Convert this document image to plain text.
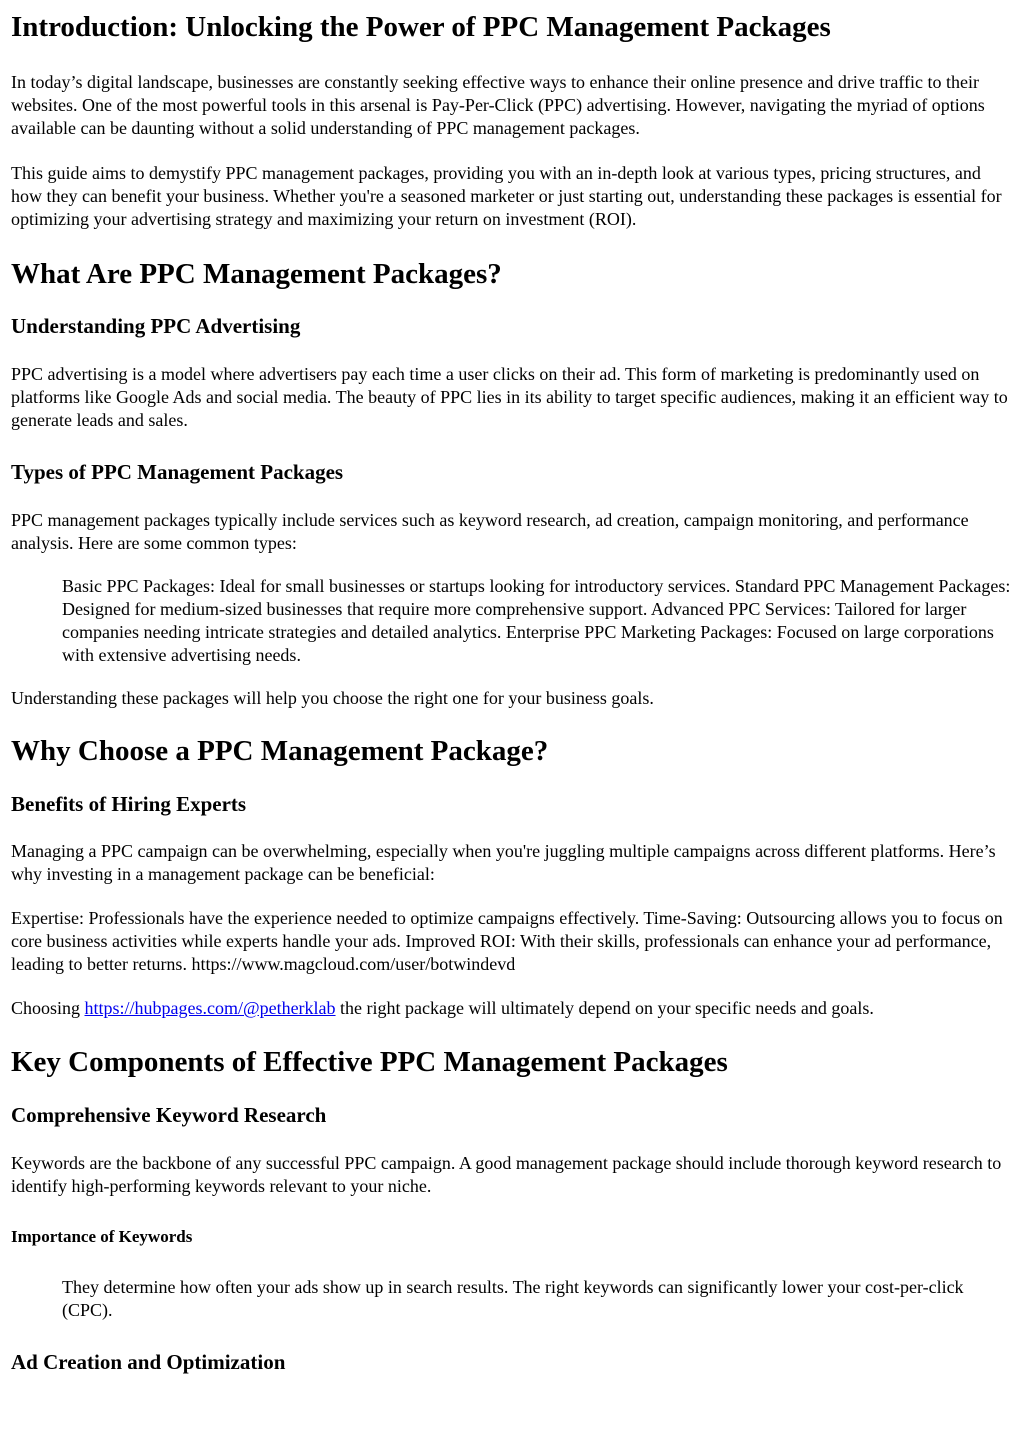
Introduction: Unlocking the Power of PPC Management Packages

In today’s digital landscape, businesses are constantly seeking effective ways to enhance their online presence and drive traffic to their websites. One of the most powerful tools in this arsenal is Pay-Per-Click (PPC) advertising. However, navigating the myriad of options available can be daunting without a solid understanding of PPC management packages.

This guide aims to demystify PPC management packages, providing you with an in-depth look at various types, pricing structures, and how they can benefit your business. Whether you're a seasoned marketer or just starting out, understanding these packages is essential for optimizing your advertising strategy and maximizing your return on investment (ROI).

What Are PPC Management Packages?
Understanding PPC Advertising

PPC advertising is a model where advertisers pay each time a user clicks on their ad. This form of marketing is predominantly used on platforms like Google Ads and social media. The beauty of PPC lies in its ability to target specific audiences, making it an efficient way to generate leads and sales.

Types of PPC Management Packages

PPC management packages typically include services such as keyword research, ad creation, campaign monitoring, and performance analysis. Here are some common types:

Basic PPC Packages: Ideal for small businesses or startups looking for introductory services. Standard PPC Management Packages: Designed for medium-sized businesses that require more comprehensive support. Advanced PPC Services: Tailored for larger companies needing intricate strategies and detailed analytics. Enterprise PPC Marketing Packages: Focused on large corporations with extensive advertising needs.

Understanding these packages will help you choose the right one for your business goals.

Why Choose a PPC Management Package?
Benefits of Hiring Experts

Managing a PPC campaign can be overwhelming, especially when you're juggling multiple campaigns across different platforms. Here’s why investing in a management package can be beneficial:

Expertise: Professionals have the experience needed to optimize campaigns effectively. Time-Saving: Outsourcing allows you to focus on core business activities while experts handle your ads. Improved ROI: With their skills, professionals can enhance your ad performance, leading to better returns. https://www.magcloud.com/user/botwindevd

Choosing https://hubpages.com/@petherklab the right package will ultimately depend on your specific needs and goals.

Key Components of Effective PPC Management Packages
Comprehensive Keyword Research

Keywords are the backbone of any successful PPC campaign. A good management package should include thorough keyword research to identify high-performing keywords relevant to your niche.

Importance of Keywords

They determine how often your ads show up in search results. The right keywords can significantly lower your cost-per-click (CPC).

Ad Creation and Optimization
